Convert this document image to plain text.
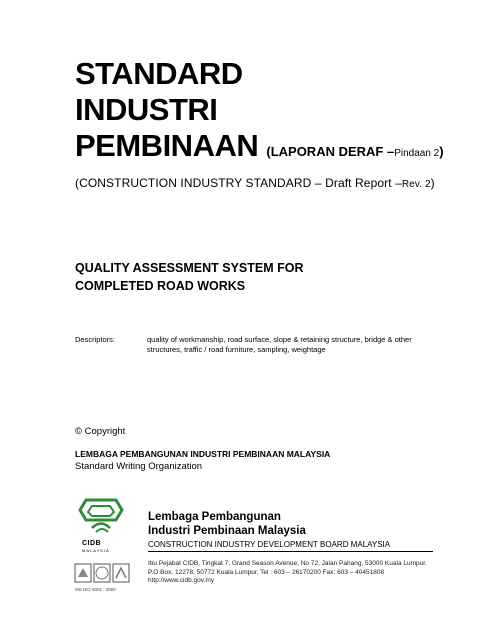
STANDARD
INDUSTRI
PEMBINAAN (LAPORAN DERAF –Pindaan 2)
(CONSTRUCTION INDUSTRY STANDARD – Draft Report –Rev. 2)
QUALITY ASSESSMENT SYSTEM FOR
COMPLETED ROAD WORKS
Descriptors:	quality of workmanship, road surface, slope & retaining structure, bridge & other structures, traffic / road furniture, sampling, weightage
© Copyright
LEMBAGA PEMBANGUNAN INDUSTRI PEMBINAAN MALAYSIA
Standard Writing Organization
CIDB
MALAYSIA
MS ISO 9001 : 2000
Lembaga Pembangunan
Industri Pembinaan Malaysia
CONSTRUCTION INDUSTRY DEVELOPMENT BOARD MALAYSIA
Ibu Pejabat CIDB, Tingkat 7, Grand Season Avenue, No 72, Jalan Pahang, 53000 Kuala Lumpur.
P.O Box. 12278, 50772 Kuala Lumpur, Tel : 603 – 26170200 Fax: 603 – 40451808
http://www.cidb.gov.my
